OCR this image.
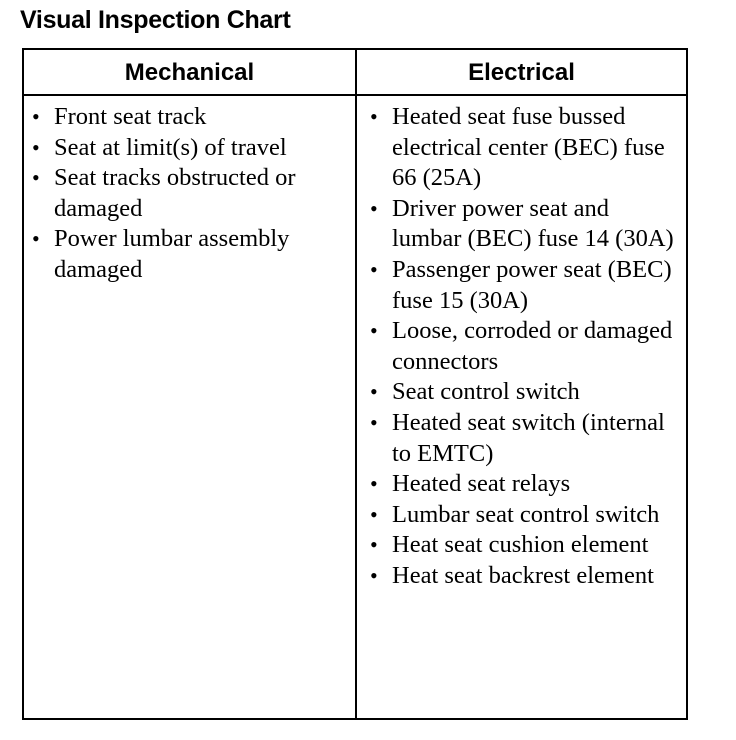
Visual Inspection Chart
Mechanical	Electrical
• Front seat track
• Seat at limit(s) of travel
• Seat tracks obstructed or damaged
• Power lumbar assembly damaged
• Heated seat fuse bussed electrical center (BEC) fuse 66 (25A)
• Driver power seat and lumbar (BEC) fuse 14 (30A)
• Passenger power seat (BEC) fuse 15 (30A)
• Loose, corroded or damaged connectors
• Seat control switch
• Heated seat switch (internal to EMTC)
• Heated seat relays
• Lumbar seat control switch
• Heat seat cushion element
• Heat seat backrest element
